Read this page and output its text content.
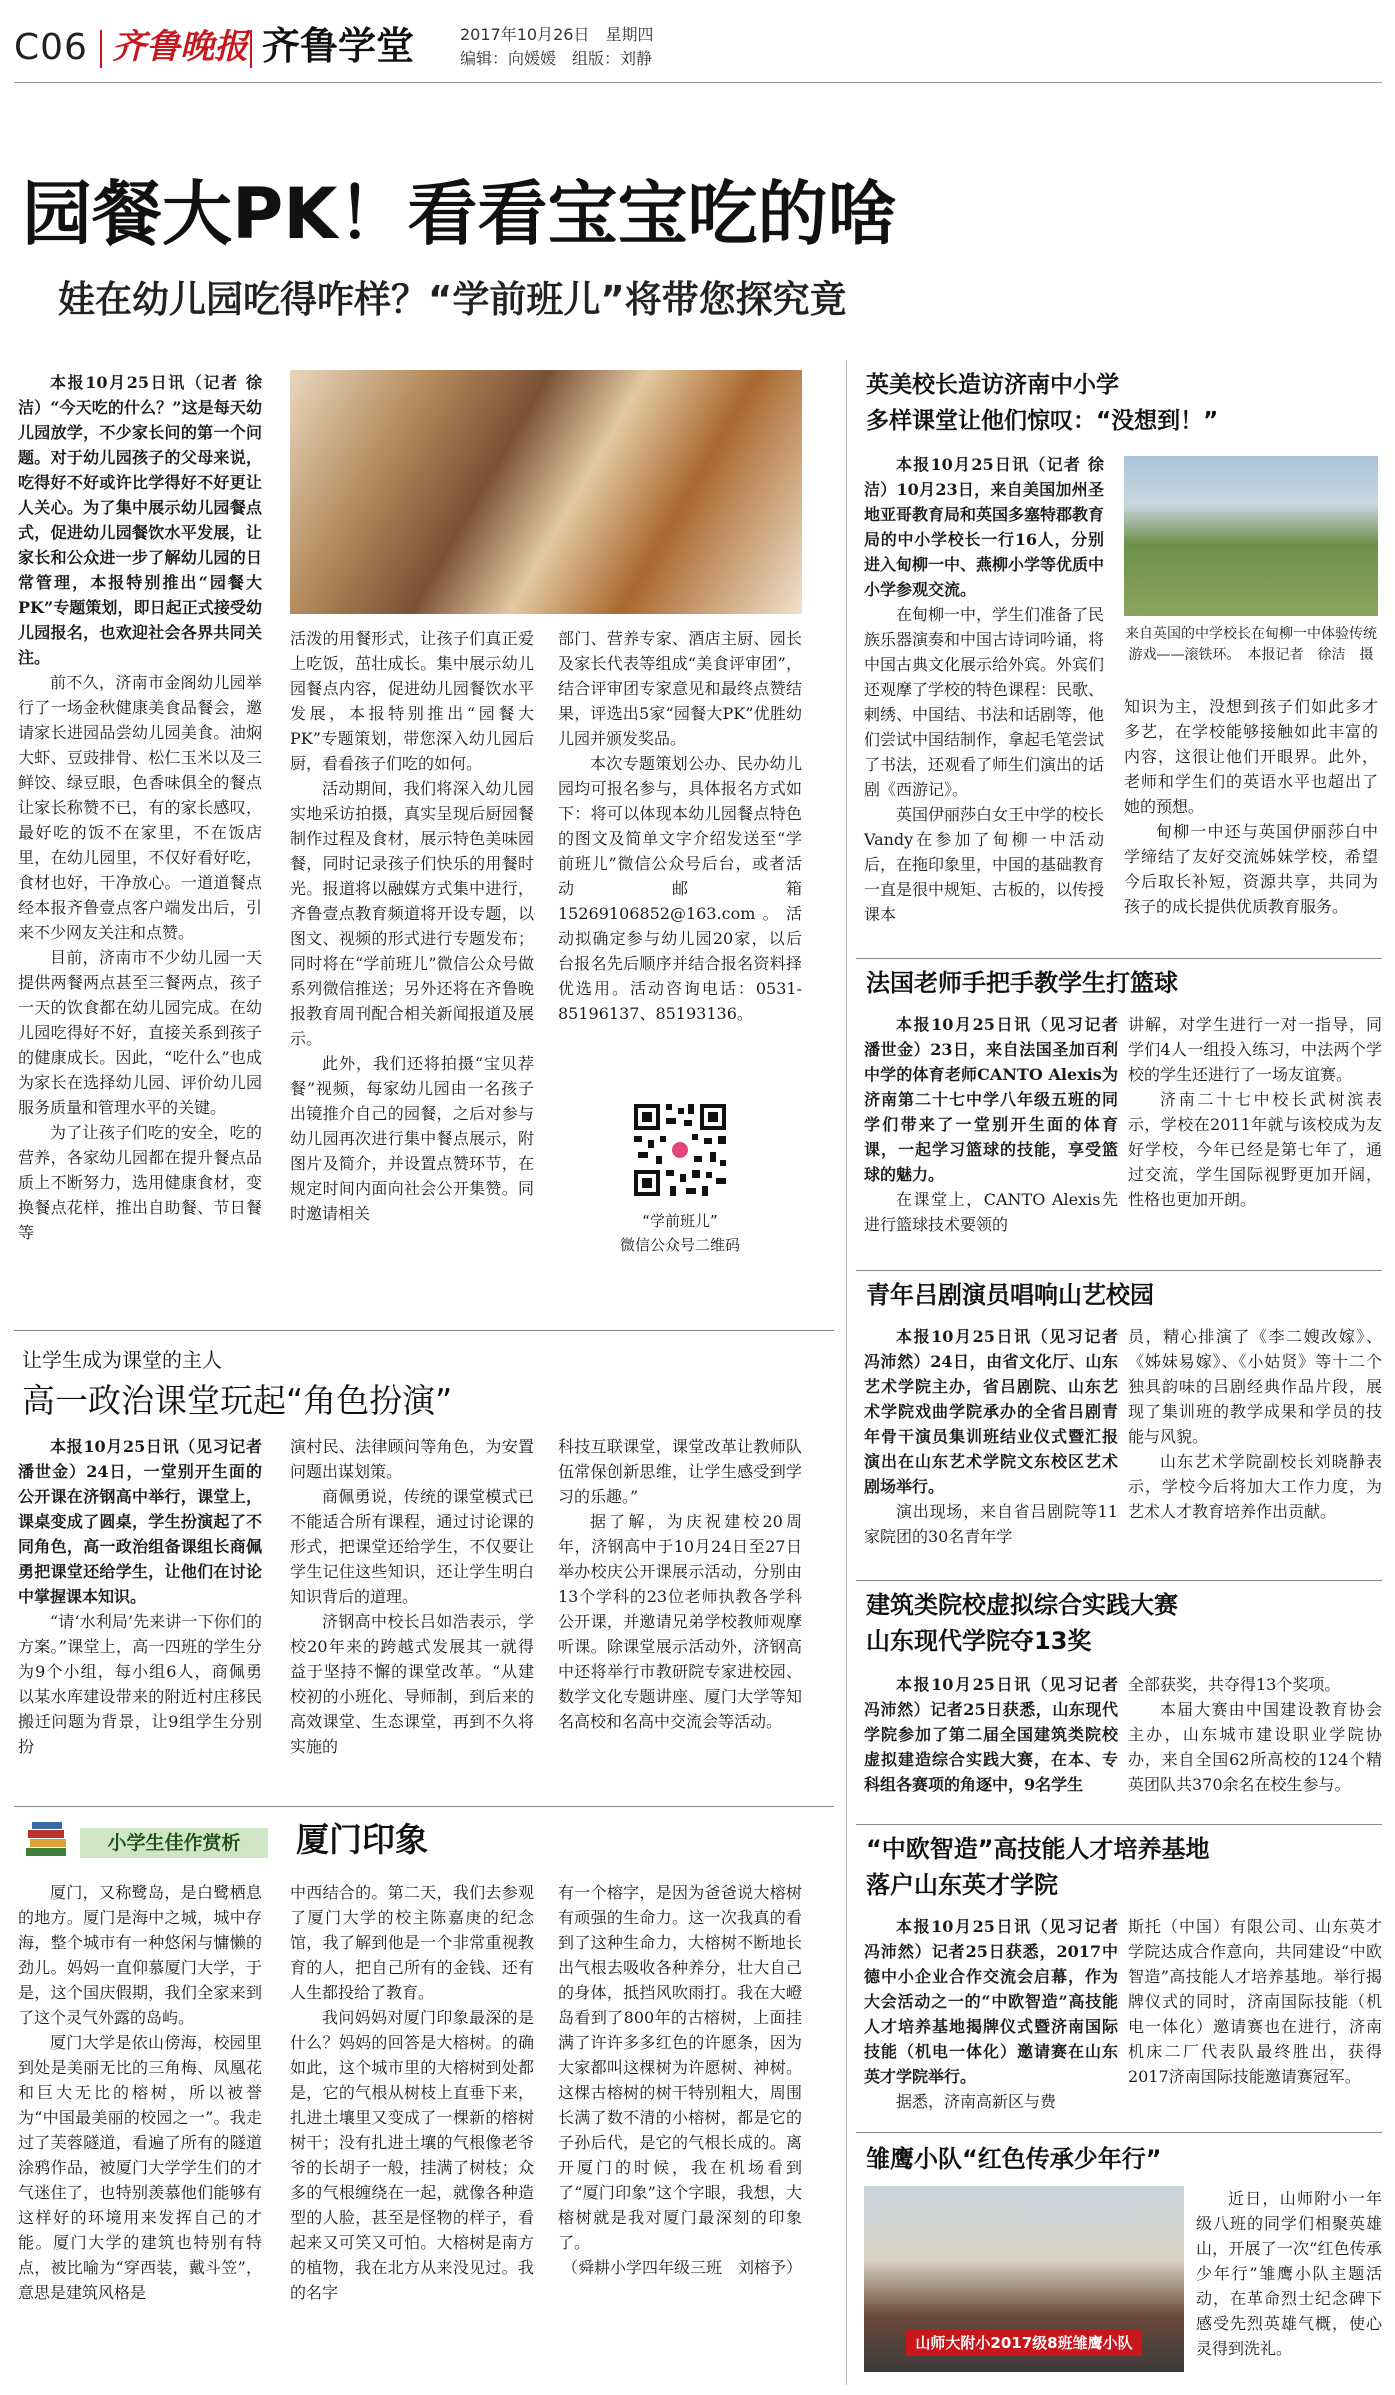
C06 齐鲁晚报 齐鲁学堂	2017年10月26日　星期四
编辑：向媛媛　组版：刘静
园餐大PK！看看宝宝吃的啥
娃在幼儿园吃得咋样？“学前班儿”将带您探究竟

本报10月25日讯（记者 徐洁）“今天吃的什么？”这是每天幼儿园放学，不少家长问的第一个问题。对于幼儿园孩子的父母来说，吃得好不好或许比学得好不好更让人关心。为了集中展示幼儿园餐点式，促进幼儿园餐饮水平发展，让家长和公众进一步了解幼儿园的日常管理，本报特别推出“园餐大PK”专题策划，即日起正式接受幼儿园报名，也欢迎社会各界共同关注。

前不久，济南市金阁幼儿园举行了一场金秋健康美食品餐会，邀请家长进园品尝幼儿园美食。油焖大虾、豆豉排骨、松仁玉米以及三鲜饺、绿豆眼，色香味俱全的餐点让家长称赞不已，有的家长感叹，最好吃的饭不在家里，不在饭店里，在幼儿园里，不仅好看好吃，食材也好，干净放心。一道道餐点经本报齐鲁壹点客户端发出后，引来不少网友关注和点赞。

目前，济南市不少幼儿园一天提供两餐两点甚至三餐两点，孩子一天的饮食都在幼儿园完成。在幼儿园吃得好不好，直接关系到孩子的健康成长。因此，“吃什么”也成为家长在选择幼儿园、评价幼儿园服务质量和管理水平的关键。

为了让孩子们吃的安全，吃的营养，各家幼儿园都在提升餐点品质上不断努力，选用健康食材，变换餐点花样，推出自助餐、节日餐等

活泼的用餐形式，让孩子们真正爱上吃饭，茁壮成长。集中展示幼儿园餐点内容，促进幼儿园餐饮水平发展，本报特别推出“园餐大PK”专题策划，带您深入幼儿园后厨，看看孩子们吃的如何。

活动期间，我们将深入幼儿园实地采访拍摄，真实呈现后厨园餐制作过程及食材，展示特色美味园餐，同时记录孩子们快乐的用餐时光。报道将以融媒方式集中进行，齐鲁壹点教育频道将开设专题，以图文、视频的形式进行专题发布；同时将在“学前班儿”微信公众号做系列微信推送；另外还将在齐鲁晚报教育周刊配合相关新闻报道及展示。

此外，我们还将拍摄“宝贝荐餐”视频，每家幼儿园由一名孩子出镜推介自己的园餐，之后对参与幼儿园再次进行集中餐点展示，附图片及简介，并设置点赞环节，在规定时间内面向社会公开集赞。同时邀请相关

部门、营养专家、酒店主厨、园长及家长代表等组成“美食评审团”，结合评审团专家意见和最终点赞结果，评选出5家“园餐大PK”优胜幼儿园并颁发奖品。

本次专题策划公办、民办幼儿园均可报名参与，具体报名方式如下：将可以体现本幼儿园餐点特色的图文及简单文字介绍发送至“学前班儿”微信公众号后台，或者活动邮箱15269106852@163.com。活动拟确定参与幼儿园20家，以后台报名先后顺序并结合报名资料择优选用。活动咨询电话：0531-85196137、85193136。

“学前班儿”
微信公众号二维码
让学生成为课堂的主人
高一政治课堂玩起“角色扮演”

本报10月25日讯（见习记者 潘世金）24日，一堂别开生面的公开课在济钢高中举行，课堂上，课桌变成了圆桌，学生扮演起了不同角色，高一政治组备课组长商佩勇把课堂还给学生，让他们在讨论中掌握课本知识。

“请‘水利局’先来讲一下你们的方案。”课堂上，高一四班的学生分为9个小组，每小组6人，商佩勇以某水库建设带来的附近村庄移民搬迁问题为背景，让9组学生分别扮

演村民、法律顾问等角色，为安置问题出谋划策。

商佩勇说，传统的课堂模式已不能适合所有课程，通过讨论课的形式，把课堂还给学生，不仅要让学生记住这些知识，还让学生明白知识背后的道理。

济钢高中校长吕如浩表示，学校20年来的跨越式发展其一就得益于坚持不懈的课堂改革。“从建校初的小班化、导师制，到后来的高效课堂、生态课堂，再到不久将实施的

科技互联课堂，课堂改革让教师队伍常保创新思维，让学生感受到学习的乐趣。”

据了解，为庆祝建校20周年，济钢高中于10月24日至27日举办校庆公开课展示活动，分别由13个学科的23位老师执教各学科公开课，并邀请兄弟学校教师观摩听课。除课堂展示活动外，济钢高中还将举行市教研院专家进校园、数学文化专题讲座、厦门大学等知名高校和名高中交流会等活动。

小学生佳作赏析	厦门印象

厦门，又称鹭岛，是白鹭栖息的地方。厦门是海中之城，城中存海，整个城市有一种悠闲与慵懒的劲儿。妈妈一直仰慕厦门大学，于是，这个国庆假期，我们全家来到了这个灵气外露的岛屿。

厦门大学是依山傍海，校园里到处是美丽无比的三角梅、凤凰花和巨大无比的榕树，所以被誉为“中国最美丽的校园之一”。我走过了芙蓉隧道，看遍了所有的隧道涂鸦作品，被厦门大学学生们的才气迷住了，也特别羡慕他们能够有这样好的环境用来发挥自己的才能。厦门大学的建筑也特别有特点，被比喻为“穿西装，戴斗笠”，意思是建筑风格是

中西结合的。第二天，我们去参观了厦门大学的校主陈嘉庚的纪念馆，我了解到他是一个非常重视教育的人，把自己所有的金钱、还有人生都投给了教育。

我问妈妈对厦门印象最深的是什么？妈妈的回答是大榕树。的确如此，这个城市里的大榕树到处都是，它的气根从树枝上直垂下来，扎进土壤里又变成了一棵新的榕树树干；没有扎进土壤的气根像老爷爷的长胡子一般，挂满了树枝；众多的气根缠绕在一起，就像各种造型的人脸，甚至是怪物的样子，看起来又可笑又可怕。大榕树是南方的植物，我在北方从来没见过。我的名字

有一个榕字，是因为爸爸说大榕树有顽强的生命力。这一次我真的看到了这种生命力，大榕树不断地长出气根去吸收各种养分，壮大自己的身体，抵挡风吹雨打。我在大嶝岛看到了800年的古榕树，上面挂满了许许多多红色的许愿条，因为大家都叫这棵树为许愿树、神树。这棵古榕树的树干特别粗大，周围长满了数不清的小榕树，都是它的子孙后代，是它的气根长成的。离开厦门的时候，我在机场看到了“厦门印象”这个字眼，我想，大榕树就是我对厦门最深刻的印象了。

（舜耕小学四年级三班　刘榕予）

英美校长造访济南中小学
多样课堂让他们惊叹：“没想到！”

本报10月25日讯（记者 徐洁）10月23日，来自美国加州圣地亚哥教育局和英国多塞特郡教育局的中小学校长一行16人，分别进入甸柳一中、燕柳小学等优质中小学参观交流。

在甸柳一中，学生们准备了民族乐器演奏和中国古诗词吟诵，将中国古典文化展示给外宾。外宾们还观摩了学校的特色课程：民歌、剌绣、中国结、书法和话剧等，他们尝试中国结制作，拿起毛笔尝试了书法，还观看了师生们演出的话剧《西游记》。

英国伊丽莎白女王中学的校长Vandy在参加了甸柳一中活动后，在拖印象里，中国的基础教育一直是很中规矩、古板的，以传授课本

来自英国的中学校长在甸柳一中体验传统游戏——滚铁环。　本报记者　徐洁　摄

知识为主，没想到孩子们如此多才多艺，在学校能够接触如此丰富的内容，这很让他们开眼界。此外，老师和学生们的英语水平也超出了她的预想。

甸柳一中还与英国伊丽莎白中学缔结了友好交流姊妹学校，希望今后取长补短，资源共享，共同为孩子的成长提供优质教育服务。

法国老师手把手教学生打篮球

本报10月25日讯（见习记者 潘世金）23日，来自法国圣加百利中学的体育老师CANTO Alexis为济南第二十七中学八年级五班的同学们带来了一堂别开生面的体育课，一起学习篮球的技能，享受篮球的魅力。

在课堂上，CANTO Alexis先进行篮球技术要领的

讲解，对学生进行一对一指导，同学们4人一组投入练习，中法两个学校的学生还进行了一场友谊赛。

济南二十七中校长武树滨表示，学校在2011年就与该校成为友好学校，今年已经是第七年了，通过交流，学生国际视野更加开阔，性格也更加开朗。

青年吕剧演员唱响山艺校园

本报10月25日讯（见习记者 冯沛然）24日，由省文化厅、山东艺术学院主办，省吕剧院、山东艺术学院戏曲学院承办的全省吕剧青年骨干演员集训班结业仪式暨汇报演出在山东艺术学院文东校区艺术剧场举行。

演出现场，来自省吕剧院等11家院团的30名青年学

员，精心排演了《李二嫂改嫁》、《姊妹易嫁》、《小姑贤》等十二个独具韵味的吕剧经典作品片段，展现了集训班的教学成果和学员的技能与风貌。

山东艺术学院副校长刘晓静表示，学校今后将加大工作力度，为艺术人才教育培养作出贡献。

建筑类院校虚拟综合实践大赛
山东现代学院夺13奖

本报10月25日讯（见习记者 冯沛然）记者25日获悉，山东现代学院参加了第二届全国建筑类院校虚拟建造综合实践大赛，在本、专科组各赛项的角逐中，9名学生

全部获奖，共夺得13个奖项。

本届大赛由中国建设教育协会主办，山东城市建设职业学院协办，来自全国62所高校的124个精英团队共370余名在校生参与。

“中欧智造”高技能人才培养基地
落户山东英才学院

本报10月25日讯（见习记者 冯沛然）记者25日获悉，2017中德中小企业合作交流会启幕，作为大会活动之一的“中欧智造”高技能人才培养基地揭牌仪式暨济南国际技能（机电一体化）邀请赛在山东英才学院举行。

据悉，济南高新区与费

斯托（中国）有限公司、山东英才学院达成合作意向，共同建设“中欧智造”高技能人才培养基地。举行揭牌仪式的同时，济南国际技能（机电一体化）邀请赛也在进行，济南机床二厂代表队最终胜出，获得2017济南国际技能邀请赛冠军。

雏鹰小队“红色传承少年行”
山师大附小2017级8班雏鹰小队

近日，山师附小一年级八班的同学们相聚英雄山，开展了一次“红色传承少年行”雏鹰小队主题活动，在革命烈士纪念碑下感受先烈英雄气概，使心灵得到洗礼。
